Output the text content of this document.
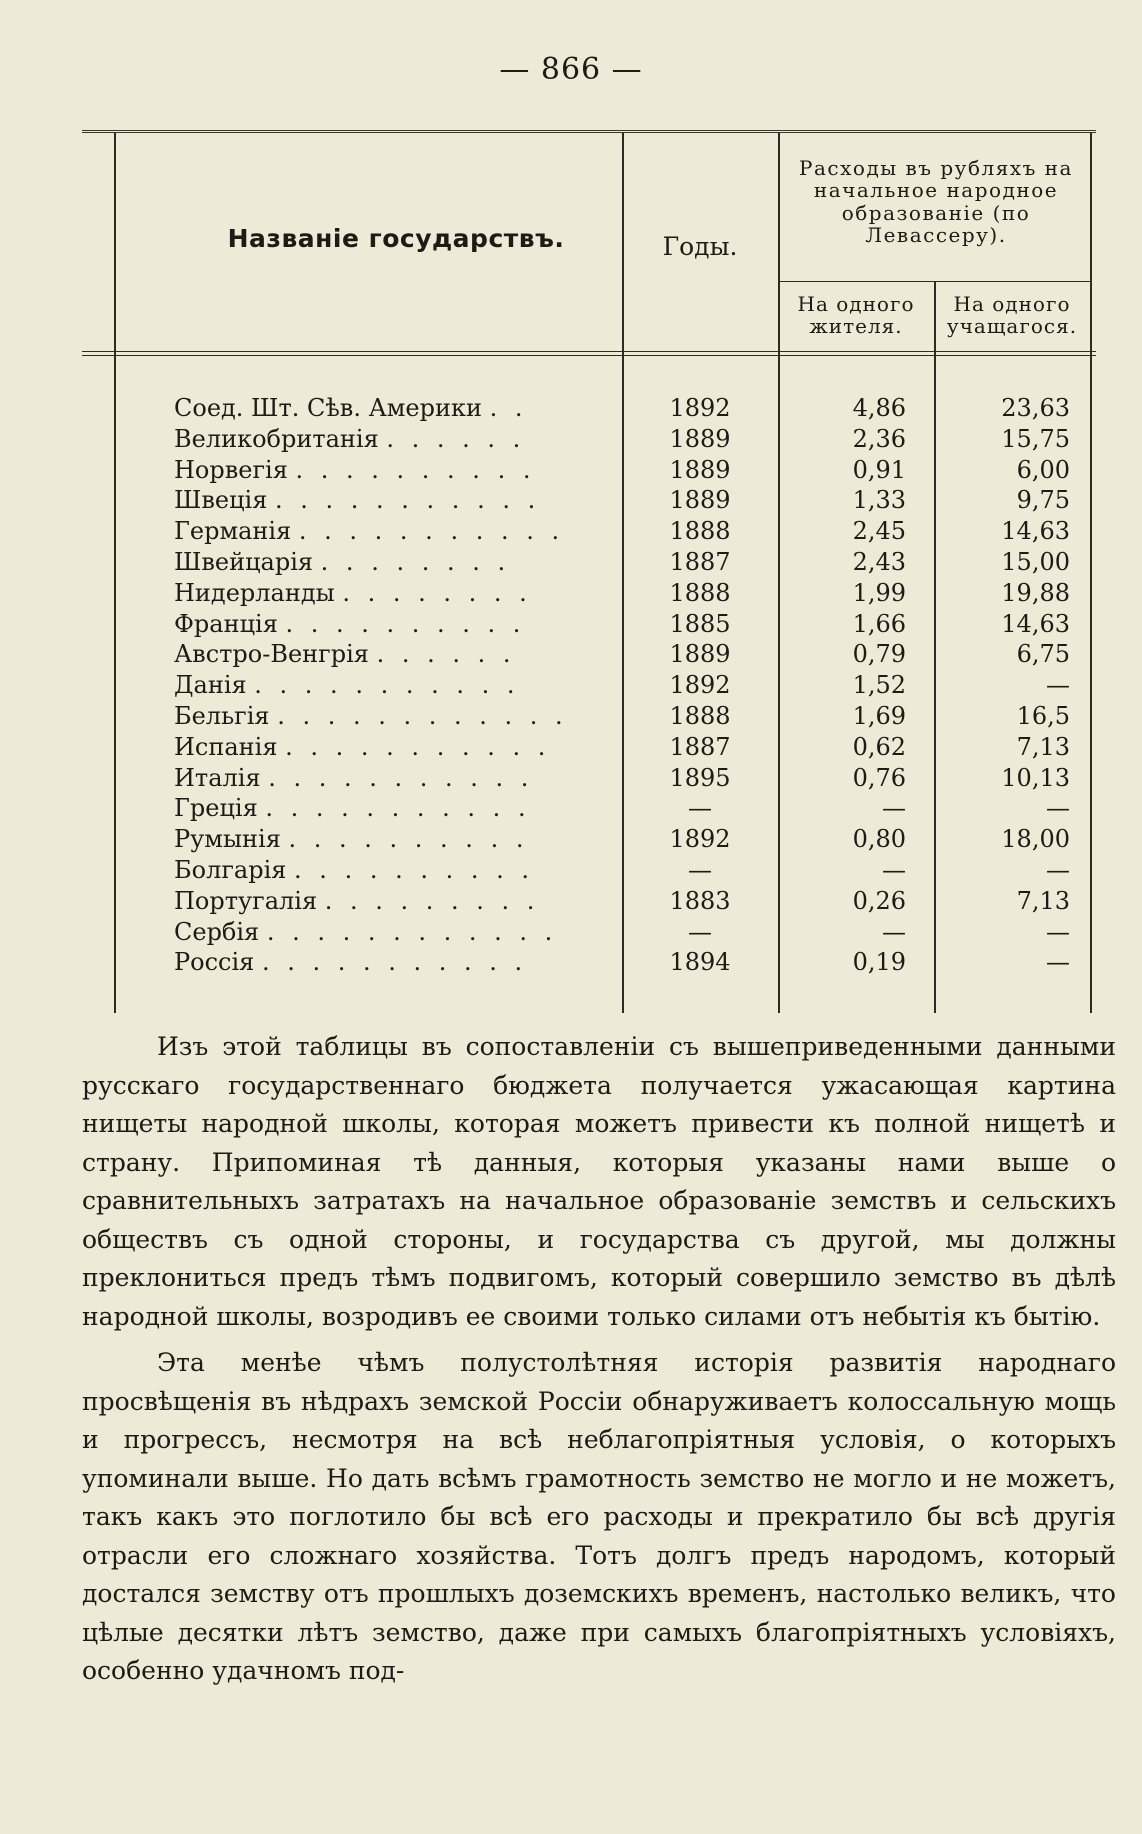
— 866 —
Названіе государствъ.	Годы.
Расходы въ рубляхъ на начальное народное образованіе (по Левассеру).
На одного жителя.
На одного учащагося.
Соед. Шт. Сѣв. Америки . .	1892	4,86	23,63
Великобританія . . . . . .	1889	2,36	15,75
Норвегія . . . . . . . . . .	1889	0,91	6,00
Швеція . . . . . . . . . . .	1889	1,33	9,75
Германія . . . . . . . . . . .	1888	2,45	14,63
Швейцарія . . . . . . . .	1887	2,43	15,00
Нидерланды . . . . . . . .	1888	1,99	19,88
Франція . . . . . . . . . .	1885	1,66	14,63
Австро-Венгрія . . . . . .	1889	0,79	6,75
Данія . . . . . . . . . . .	1892	1,52	—
Бельгія . . . . . . . . . . . .	1888	1,69	16,5
Испанія . . . . . . . . . . .	1887	0,62	7,13
Италія . . . . . . . . . . .	1895	0,76	10,13
Греція . . . . . . . . . . .	—	—	—
Румынія . . . . . . . . . .	1892	0,80	18,00
Болгарія . . . . . . . . . .	—	—	—
Португалія . . . . . . . . .	1883	0,26	7,13
Сербія . . . . . . . . . . . .	—	—	—
Россія . . . . . . . . . . .	1894	0,19	—

Изъ этой таблицы въ сопоставленіи съ вышеприведенными данными русскаго государственнаго бюджета получается ужасающая картина нищеты народной школы, которая можетъ привести къ полной нищетѣ и страну. Припоминая тѣ данныя, которыя указаны нами выше о сравнительныхъ затратахъ на начальное образованіе земствъ и сельскихъ обществъ съ одной стороны, и государства съ другой, мы должны преклониться предъ тѣмъ подвигомъ, который совершило земство въ дѣлѣ народной школы, возродивъ ее своими только силами отъ небытія къ бытію.

Эта менѣе чѣмъ полустолѣтняя исторія развитія народнаго просвѣщенія въ нѣдрахъ земской Россіи обнаруживаетъ колоссальную мощь и прогрессъ, несмотря на всѣ неблагопріятныя условія, о которыхъ упоминали выше. Но дать всѣмъ грамотность земство не могло и не можетъ, такъ какъ это поглотило бы всѣ его расходы и прекратило бы всѣ другія отрасли его сложнаго хозяйства. Тотъ долгъ предъ народомъ, который достался земству отъ прошлыхъ доземскихъ временъ, настолько великъ, что цѣлые десятки лѣтъ земство, даже при самыхъ благопріятныхъ условіяхъ, особенно удачномъ под-
